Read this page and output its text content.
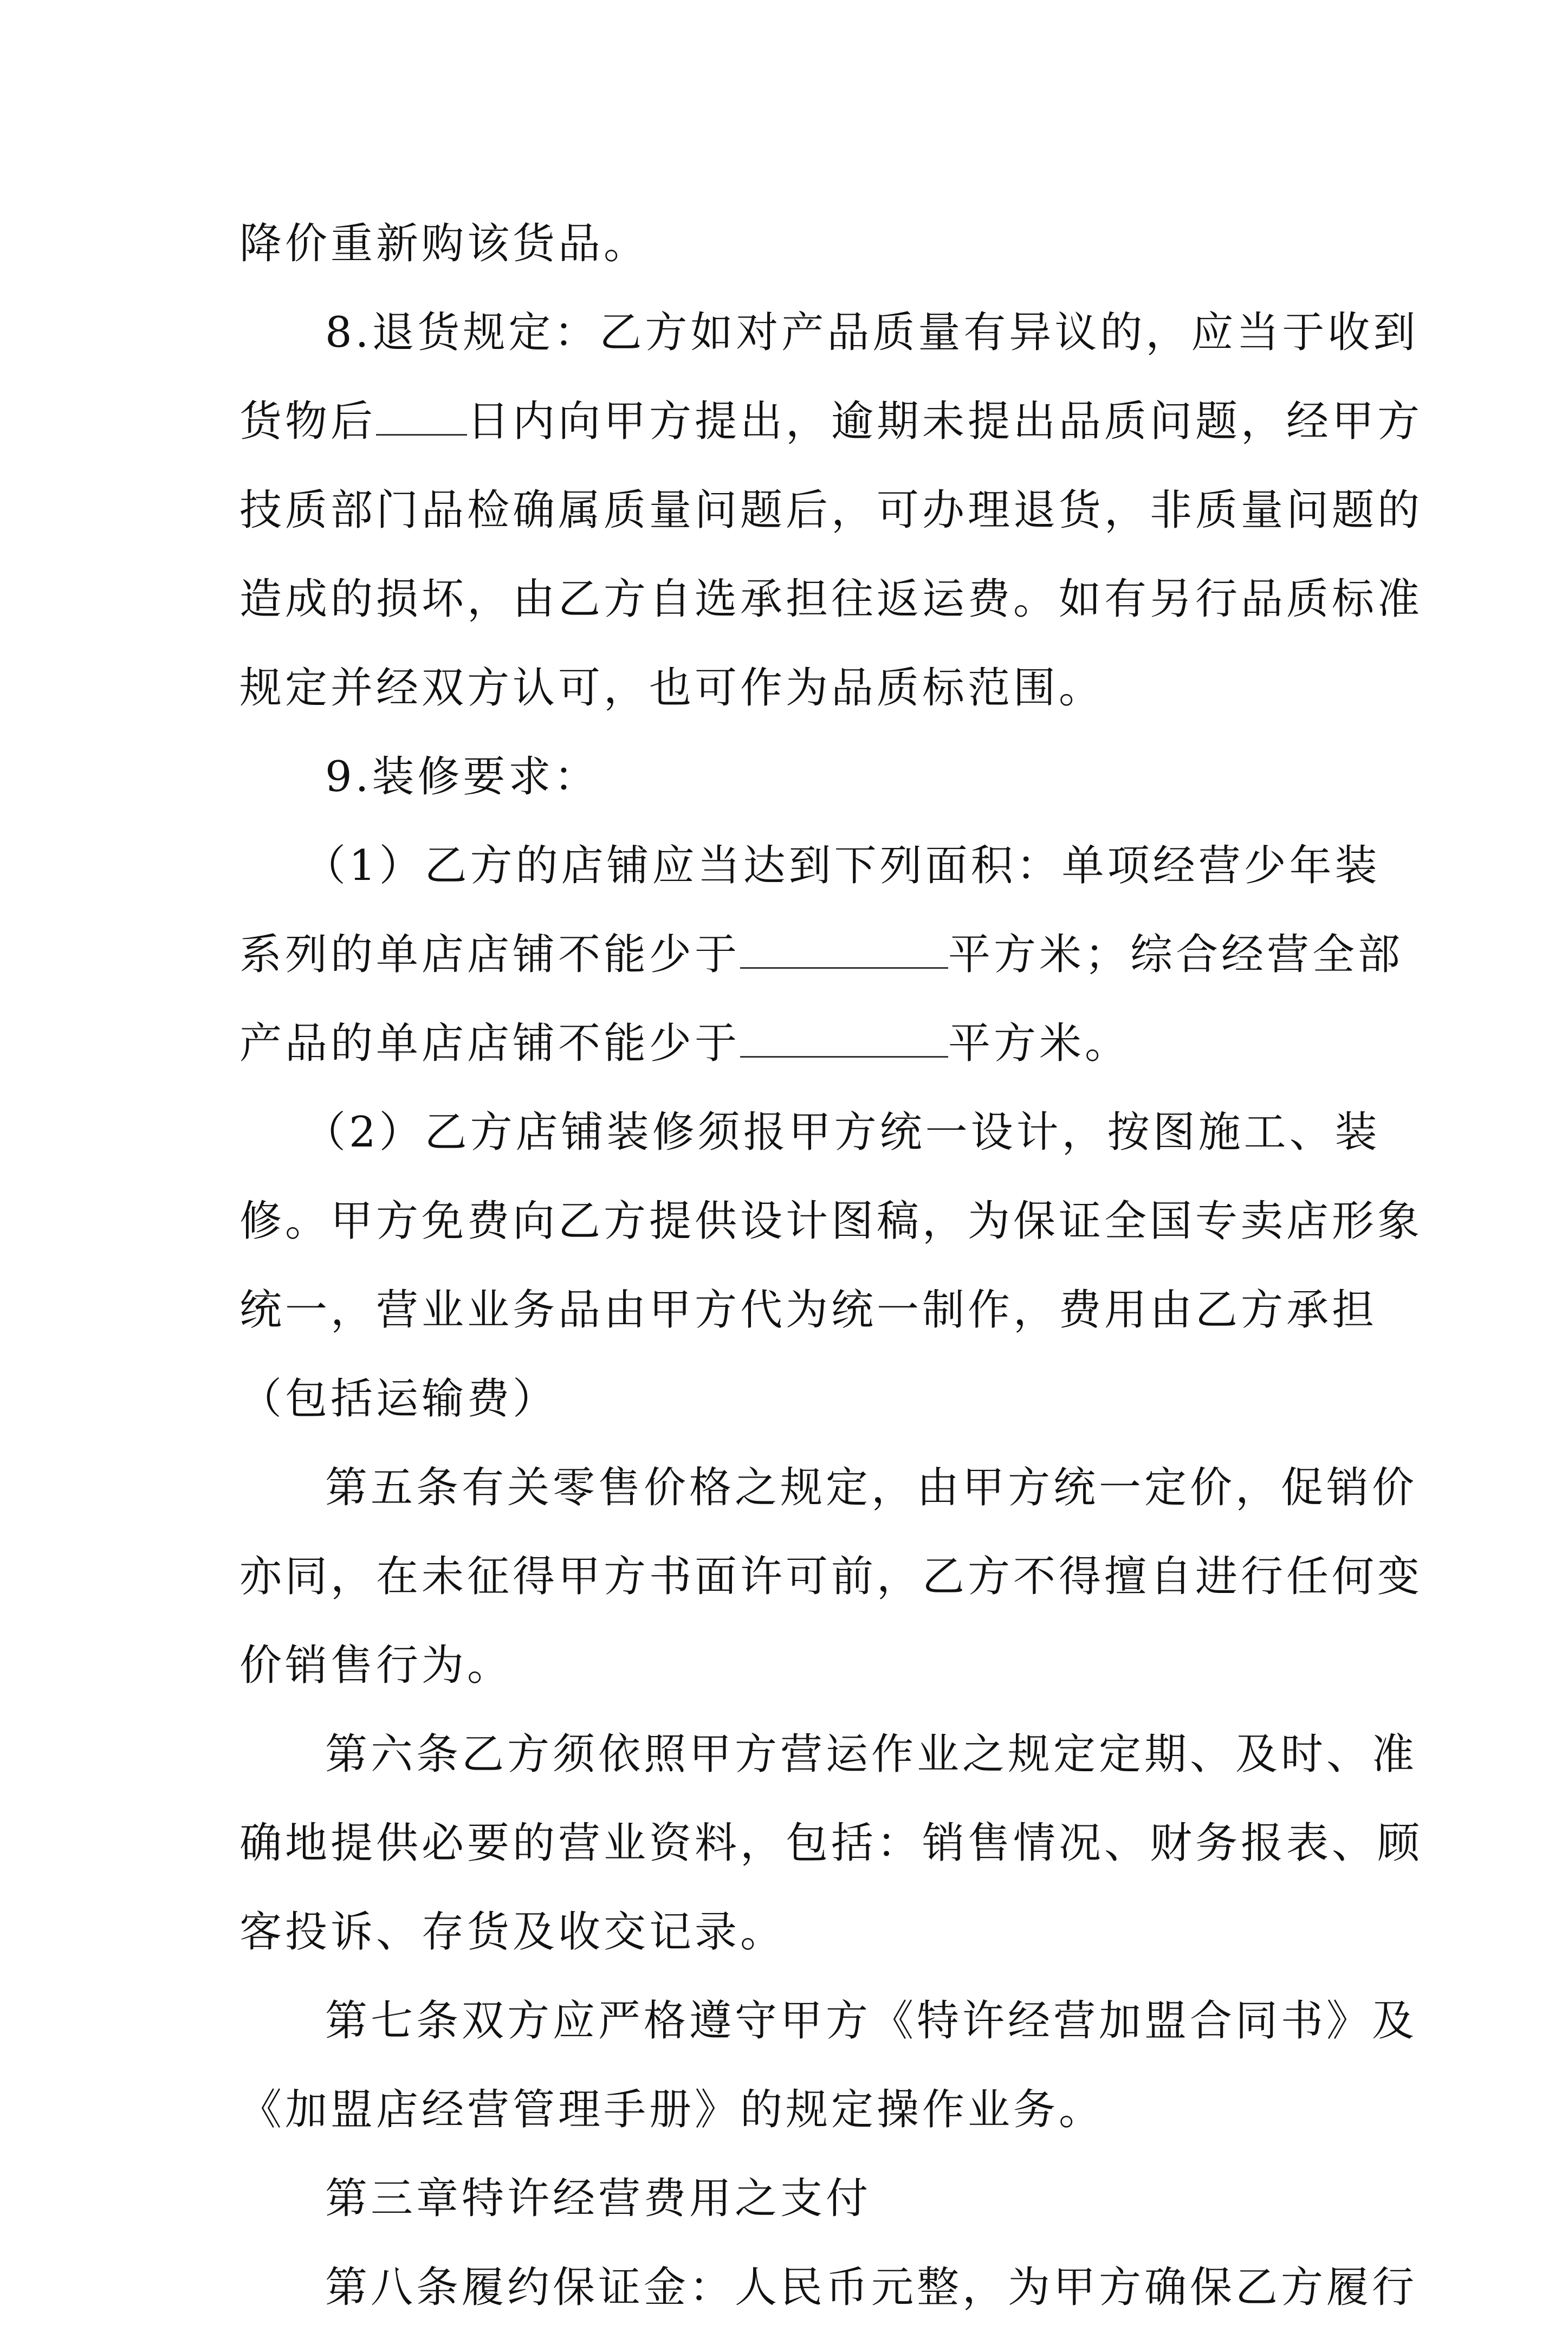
降价重新购该货品。
8.退货规定：乙方如对产品质量有异议的，应当于收到
货物后 日内向甲方提出，逾期未提出品质问题，经甲方
技质部门品检确属质量问题后，可办理退货，非质量问题的
造成的损坏，由乙方自选承担往返运费。如有另行品质标准
规定并经双方认可，也可作为品质标范围。
9.装修要求：
（1）乙方的店铺应当达到下列面积：单项经营少年装
系列的单店店铺不能少于	平方米；综合经营全部
产品的单店店铺不能少于	平方米。
（2）乙方店铺装修须报甲方统一设计，按图施工、装
修。甲方免费向乙方提供设计图稿，为保证全国专卖店形象
统一，营业业务品由甲方代为统一制作，费用由乙方承担
（包括运输费）
第五条有关零售价格之规定，由甲方统一定价，促销价
亦同，在未征得甲方书面许可前，乙方不得擅自进行任何变
价销售行为。
第六条乙方须依照甲方营运作业之规定定期、及时、准
确地提供必要的营业资料，包括：销售情况、财务报表、顾
客投诉、存货及收交记录。
第七条双方应严格遵守甲方《特许经营加盟合同书》及
《加盟店经营管理手册》的规定操作业务。
第三章特许经营费用之支付
第八条履约保证金：人民币元整，为甲方确保乙方履行
